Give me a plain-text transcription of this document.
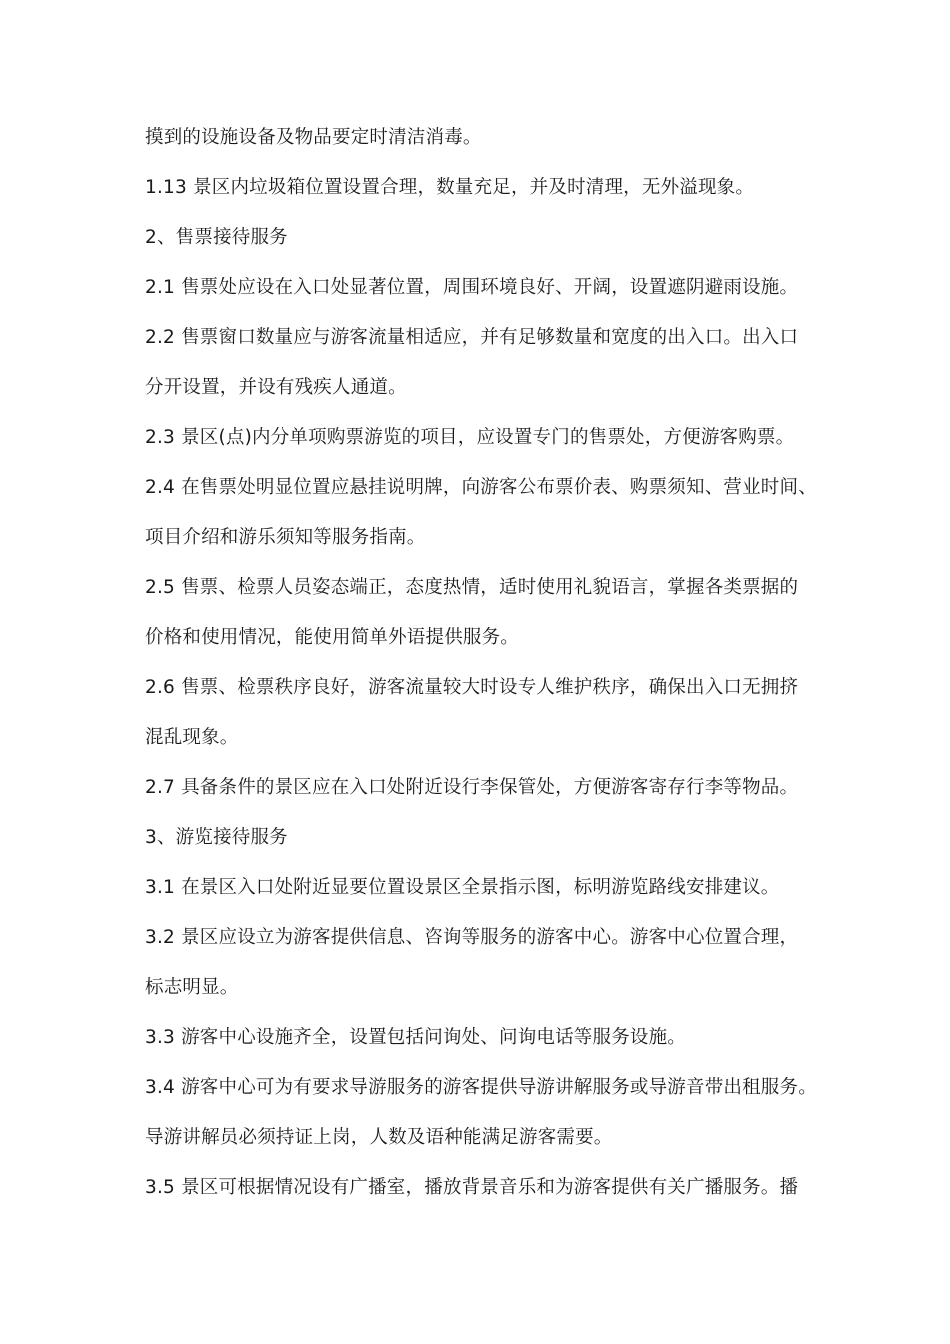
摸到的设施设备及物品要定时清洁消毒。
1.13 景区内垃圾箱位置设置合理，数量充足，并及时清理，无外溢现象。
2、售票接待服务
2.1 售票处应设在入口处显著位置，周围环境良好、开阔，设置遮阴避雨设施。
2.2 售票窗口数量应与游客流量相适应，并有足够数量和宽度的出入口。出入口
分开设置，并设有残疾人通道。
2.3 景区(点)内分单项购票游览的项目，应设置专门的售票处，方便游客购票。
2.4 在售票处明显位置应悬挂说明牌，向游客公布票价表、购票须知、营业时间、
项目介绍和游乐须知等服务指南。
2.5 售票、检票人员姿态端正，态度热情，适时使用礼貌语言，掌握各类票据的
价格和使用情况，能使用简单外语提供服务。
2.6 售票、检票秩序良好，游客流量较大时设专人维护秩序，确保出入口无拥挤
混乱现象。
2.7 具备条件的景区应在入口处附近设行李保管处，方便游客寄存行李等物品。
3、游览接待服务
3.1 在景区入口处附近显要位置设景区全景指示图，标明游览路线安排建议。
3.2 景区应设立为游客提供信息、咨询等服务的游客中心。游客中心位置合理，
标志明显。
3.3 游客中心设施齐全，设置包括问询处、问询电话等服务设施。
3.4 游客中心可为有要求导游服务的游客提供导游讲解服务或导游音带出租服务。
导游讲解员必须持证上岗，人数及语种能满足游客需要。
3.5 景区可根据情况设有广播室，播放背景音乐和为游客提供有关广播服务。播
